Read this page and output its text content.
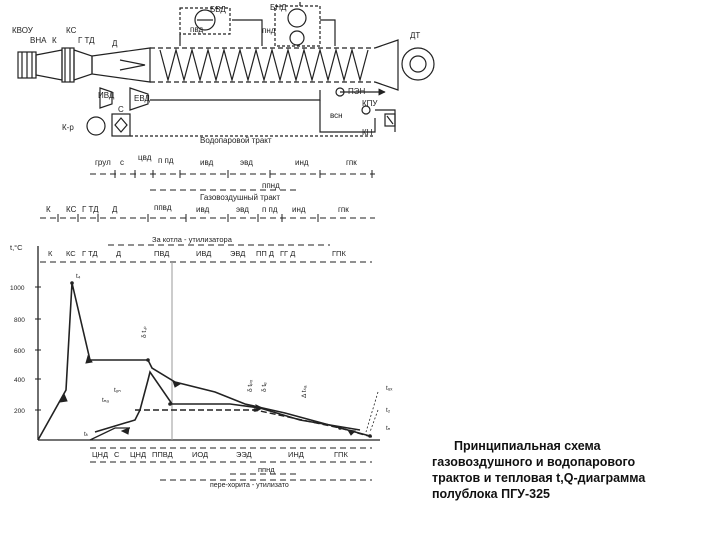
КВОУ
ВНА К
КС
Г ТД Д
БВД	БНД
пвд	пнд
ДТ
ИВД ЕВД
К-р
С
ПЭН
КПУ
всн
КН
Водопаровой тракт
грул с
цвд п пд	ивд	эвд	инд	гпк
ппнд
Газовоздушный тракт
К КС Г ТД Д	ппвд	ивд	эвд п пд инд	гпк
За котла - утилизатора
К КС Г ТД Д	ПВД	ИВД ЭВД ПП Д ГГ Д	ГПК
t,°C
1000
800
600
400
200
t₄
tₒₙ
tₙₐ
tₖ
tᵤₓ
t₂
tₙ
δ t,ₚ
δ tₚₓ δ tₑ	Δ tₛₐ
ЦНД С ЦНД ППВД	ИОД	ЭЭД	ИНД	ГПК
ппнд
пере-хорита - утилизато
Принципиальная схема
газовоздушного и водопарового
трактов и тепловая t,Q-диаграмма
полублока ПГУ-325
